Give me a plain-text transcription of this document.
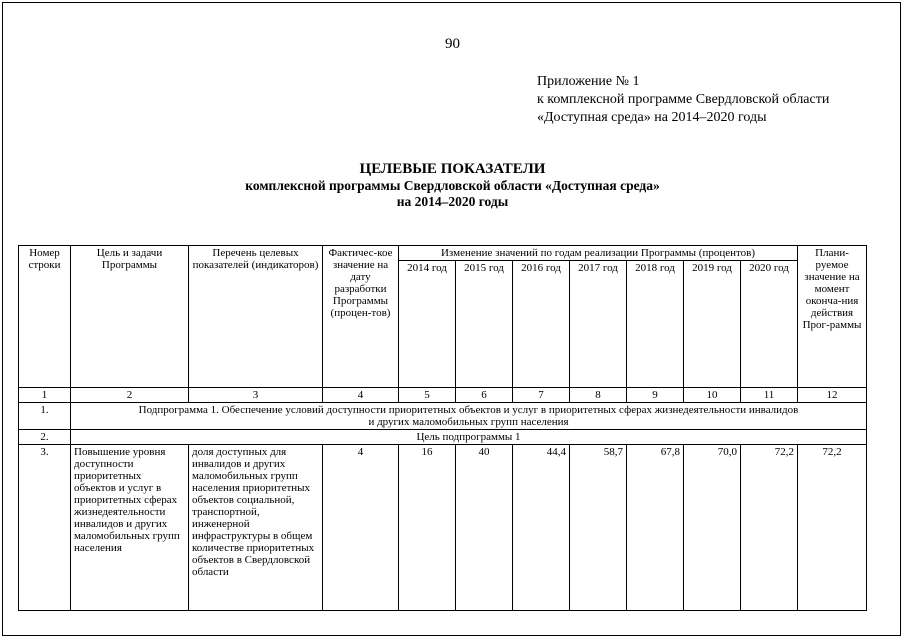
90
Приложение № 1
к комплексной программе Свердловской области
«Доступная среда» на 2014–2020 годы
ЦЕЛЕВЫЕ ПОКАЗАТЕЛИ
комплексной программы Свердловской области «Доступная среда»
на 2014–2020 годы
Номер строки	Цель и задачи Программы	Перечень целевых показателей (индикаторов)	Фактичес-кое значение на дату разработки Программы (процен-тов)	Изменение значений по годам реализации Программы (процентов)							Плани-руемое значение на момент оконча-ния действия Прог-раммы
				2014 год	2015 год	2016 год	2017 год	2018 год	2019 год	2020 год	
1	2	3	4	5	6	7	8	9	10	11	12
1.	Подпрограмма 1. Обеспечение условий доступности приоритетных объектов и услуг в приоритетных сферах жизнедеятельности инвалидов
и других маломобильных групп населения										

2.	Цель подпрограммы 1										
3.	Повышение уровня доступности приоритетных объектов и услуг в приоритетных сферах жизнедеятельности инвалидов и других маломобильных групп населения	доля доступных для инвалидов и других маломобильных групп населения приоритетных объектов социальной, транспортной, инженерной инфраструктуры в общем количестве приоритетных объектов в Свердловской области	4	16	40	44,4	58,7	67,8	70,0	72,2	72,2
